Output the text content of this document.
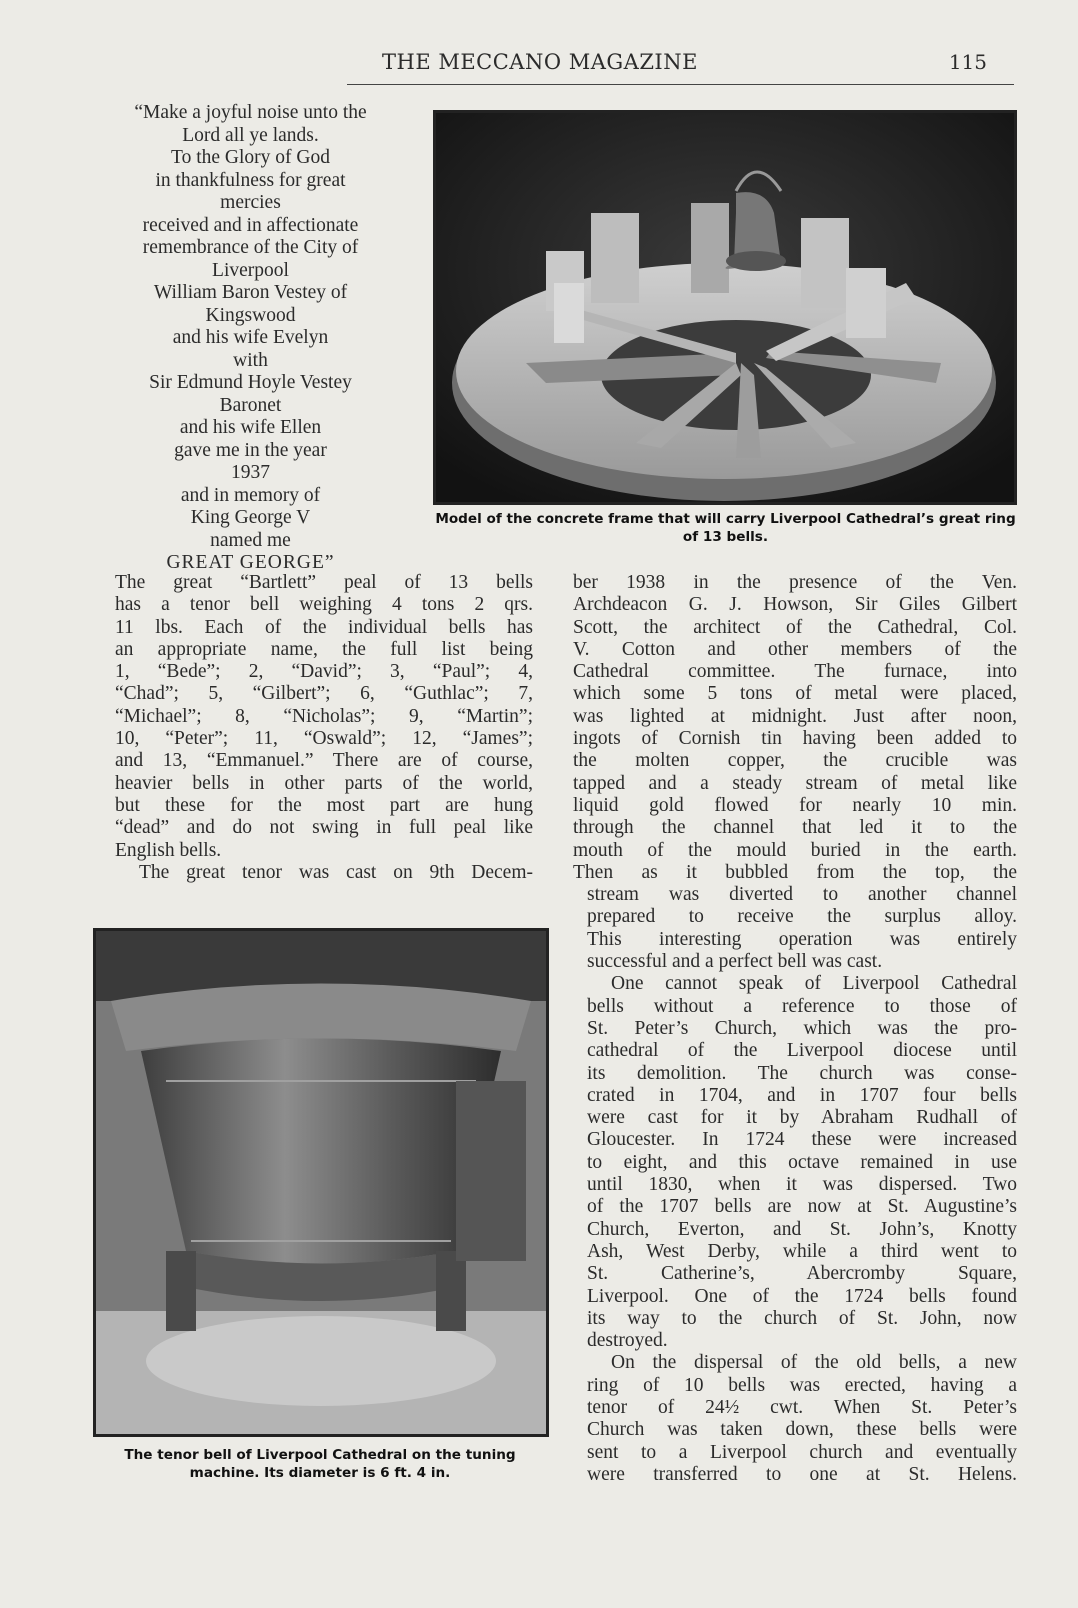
THE MECCANO MAGAZINE	115
“Make a joyful noise unto the
Lord all ye lands.
To the Glory of God
in thankfulness for great
mercies
received and in affectionate
remembrance of the City of
Liverpool
William Baron Vestey of
Kingswood
and his wife Evelyn
with
Sir Edmund Hoyle Vestey
Baronet
and his wife Ellen
gave me in the year
1937
and in memory of
King George V
named me
GREAT GEORGE”
Model of the concrete frame that will carry Liverpool Cathedral’s great ring of 13 bells.
The tenor bell of Liverpool Cathedral on the tuning machine. Its diameter is 6 ft. 4 in.

The great “Bartlett” peal of 13 bells
has a tenor bell weighing 4 tons 2 qrs.
11 lbs. Each of the individual bells has
an appropriate name, the full list being
1, “Bede”; 2, “David”; 3, “Paul”; 4,
“Chad”; 5, “Gilbert”; 6, “Guthlac”; 7,
“Michael”; 8, “Nicholas”; 9, “Martin”;
10, “Peter”; 11, “Oswald”; 12, “James”;
and 13, “Emmanuel.” There are of course,
heavier bells in other parts of the world,
but these for the most part are hung
“dead” and do not swing in full peal like
English bells.
The great tenor was cast on 9th Decem-

ber 1938 in the presence of the Ven.
Archdeacon G. J. Howson, Sir Giles Gilbert
Scott, the architect of the Cathedral, Col.
V. Cotton and other members of the
Cathedral committee. The furnace, into
which some 5 tons of metal were placed,
was lighted at midnight. Just after noon,
ingots of Cornish tin having been added to
the molten copper, the crucible was
tapped and a steady stream of metal like
liquid gold flowed for nearly 10 min.
through the channel that led it to the
mouth of the mould buried in the earth.
Then as it bubbled from the top, the
stream was diverted to another channel
prepared to receive the surplus alloy.
This interesting operation was entirely
successful and a perfect bell was cast.
One cannot speak of Liverpool Cathedral
bells without a reference to those of
St. Peter’s Church, which was the pro-
cathedral of the Liverpool diocese until
its demolition. The church was conse-
crated in 1704, and in 1707 four bells
were cast for it by Abraham Rudhall of
Gloucester. In 1724 these were increased
to eight, and this octave remained in use
until 1830, when it was dispersed. Two
of the 1707 bells are now at St. Augustine’s
Church, Everton, and St. John’s, Knotty
Ash, West Derby, while a third went to
St. Catherine’s, Abercromby Square,
Liverpool. One of the 1724 bells found
its way to the church of St. John, now
destroyed.
On the dispersal of the old bells, a new
ring of 10 bells was erected, having a
tenor of 24½ cwt. When St. Peter’s
Church was taken down, these bells were
sent to a Liverpool church and eventually
were transferred to one at St. Helens.
